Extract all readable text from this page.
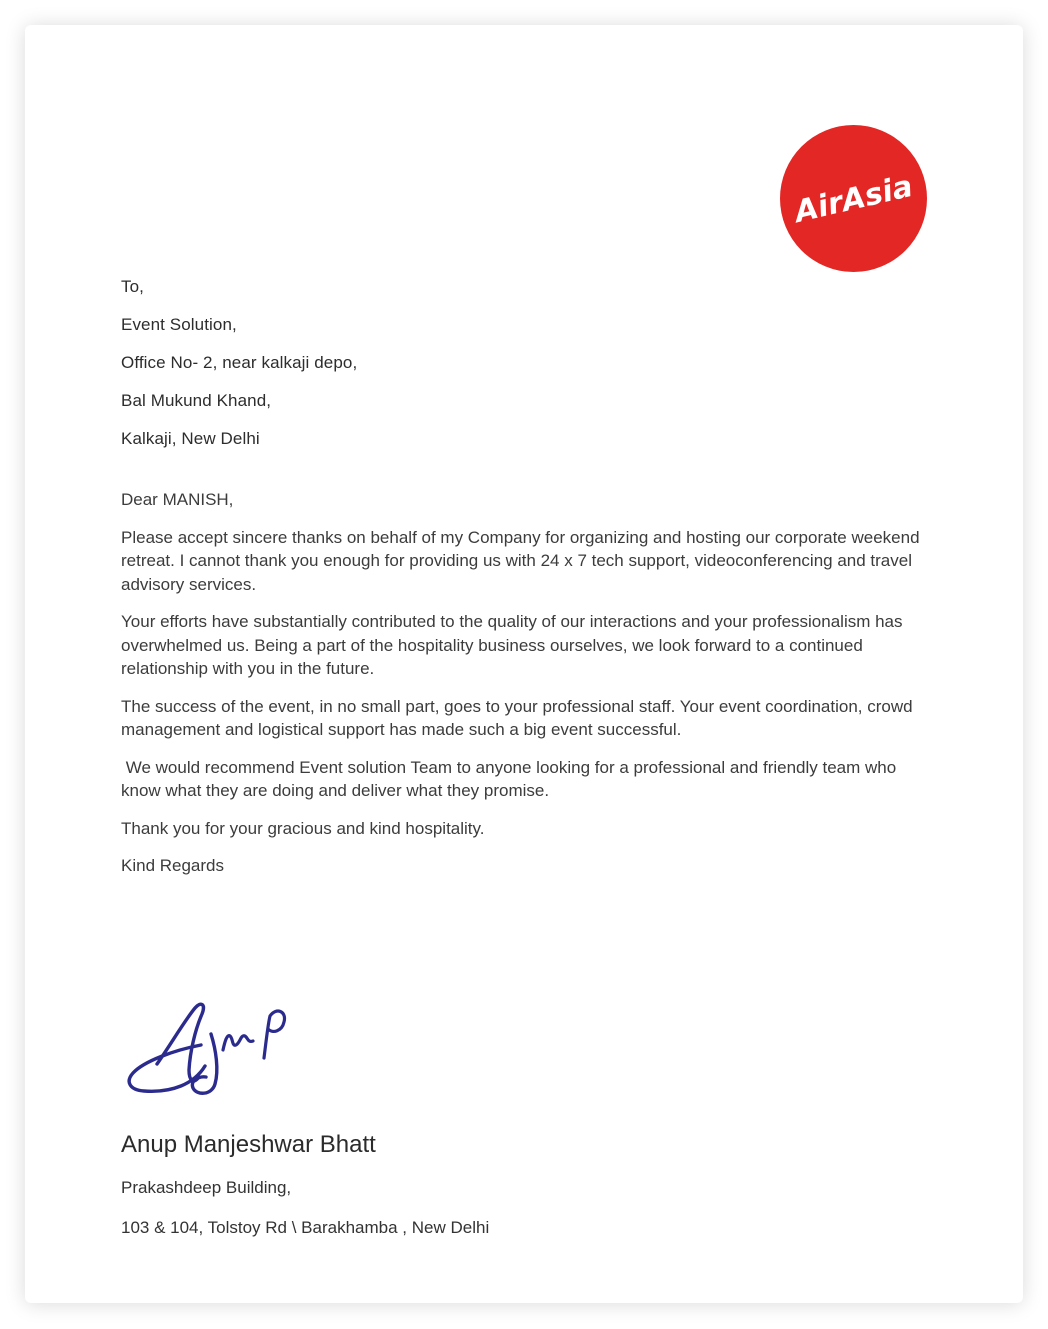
AirAsia
To,
Event Solution,
Office No- 2, near kalkaji depo,
Bal Mukund Khand,
Kalkaji, New Delhi
Dear MANISH,

Please accept sincere thanks on behalf of my Company for organizing and hosting our corporate weekend retreat. I cannot thank you enough for providing us with 24 x 7 tech support, videoconferencing and travel advisory services.

Your efforts have substantially contributed to the quality of our interactions and your professionalism has overwhelmed us. Being a part of the hospitality business ourselves, we look forward to a continued relationship with you in the future.

The success of the event, in no small part, goes to your professional staff. Your event coordination, crowd management and logistical support has made such a big event successful.

We would recommend Event solution Team to anyone looking for a professional and friendly team who know what they are doing and deliver what they promise.

Thank you for your gracious and kind hospitality.

Kind Regards
Anup Manjeshwar Bhatt
Prakashdeep Building,
103 & 104, Tolstoy Rd \ Barakhamba , New Delhi
